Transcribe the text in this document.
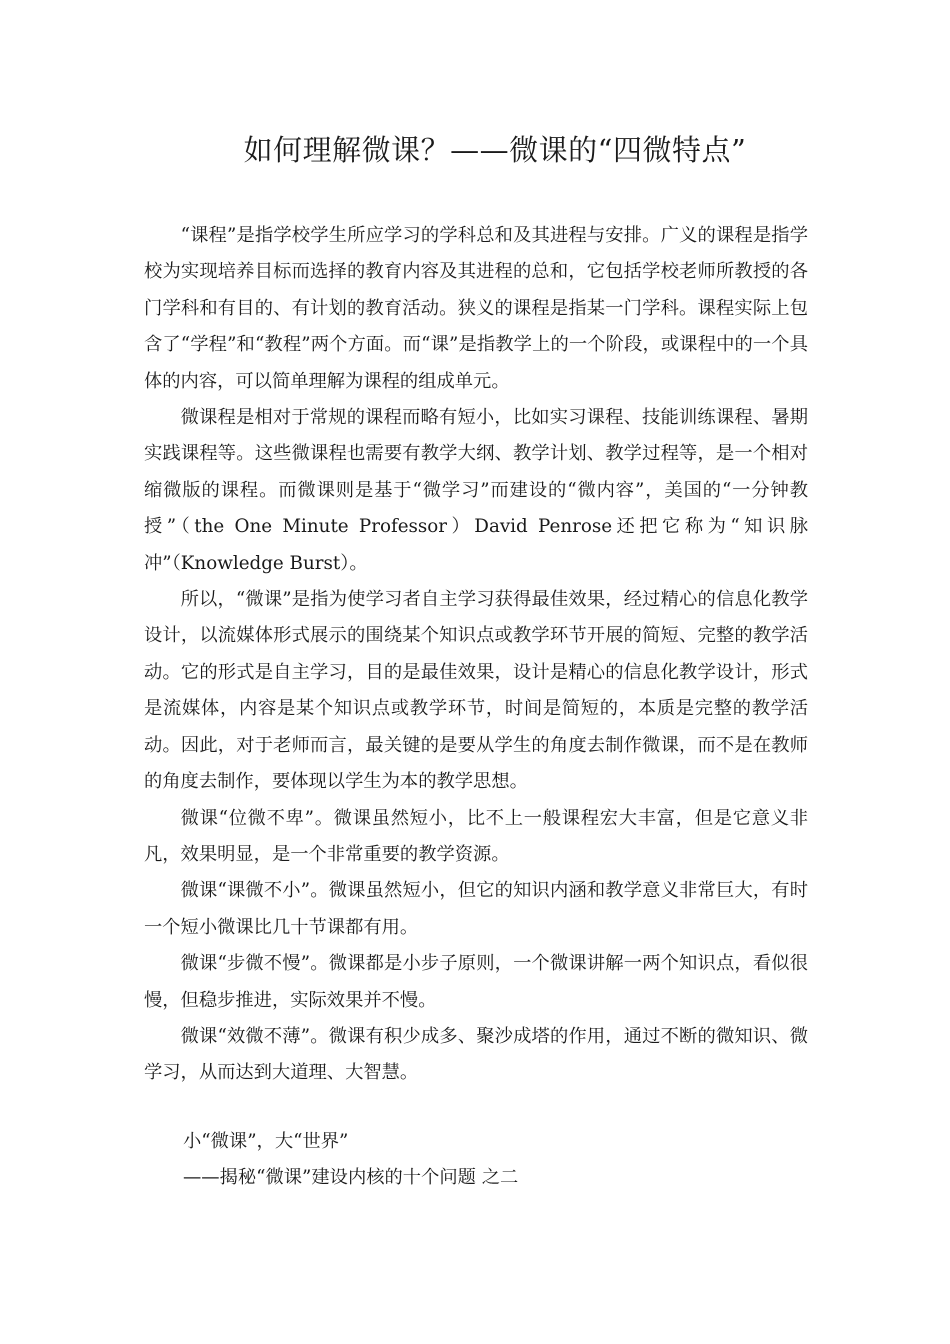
如何理解微课？——微课的“四微特点”

“课程”是指学校学生所应学习的学科总和及其进程与安排。广义的课程是指学校为实现培养目标而选择的教育内容及其进程的总和，它包括学校老师所教授的各门学科和有目的、有计划的教育活动。狭义的课程是指某一门学科。课程实际上包含了“学程”和“教程”两个方面。而“课”是指教学上的一个阶段，或课程中的一个具体的内容，可以简单理解为课程的组成单元。

微课程是相对于常规的课程而略有短小，比如实习课程、技能训练课程、暑期实践课程等。这些微课程也需要有教学大纲、教学计划、教学过程等，是一个相对缩微版的课程。而微课则是基于“微学习”而建设的“微内容”，美国的“一分钟教授”（the One Minute Professor）David Penrose还把它称为“知识脉冲”（Knowledge Burst）。

所以，“微课”是指为使学习者自主学习获得最佳效果，经过精心的信息化教学设计，以流媒体形式展示的围绕某个知识点或教学环节开展的简短、完整的教学活动。它的形式是自主学习，目的是最佳效果，设计是精心的信息化教学设计，形式是流媒体，内容是某个知识点或教学环节，时间是简短的，本质是完整的教学活动。因此，对于老师而言，最关键的是要从学生的角度去制作微课，而不是在教师的角度去制作，要体现以学生为本的教学思想。

微课“位微不卑”。微课虽然短小，比不上一般课程宏大丰富，但是它意义非凡，效果明显，是一个非常重要的教学资源。

微课“课微不小”。微课虽然短小，但它的知识内涵和教学意义非常巨大，有时一个短小微课比几十节课都有用。

微课“步微不慢”。微课都是小步子原则，一个微课讲解一两个知识点，看似很慢，但稳步推进，实际效果并不慢。

微课“效微不薄”。微课有积少成多、聚沙成塔的作用，通过不断的微知识、微学习，从而达到大道理、大智慧。

小“微课”，大“世界”
——揭秘“微课”建设内核的十个问题 之二
